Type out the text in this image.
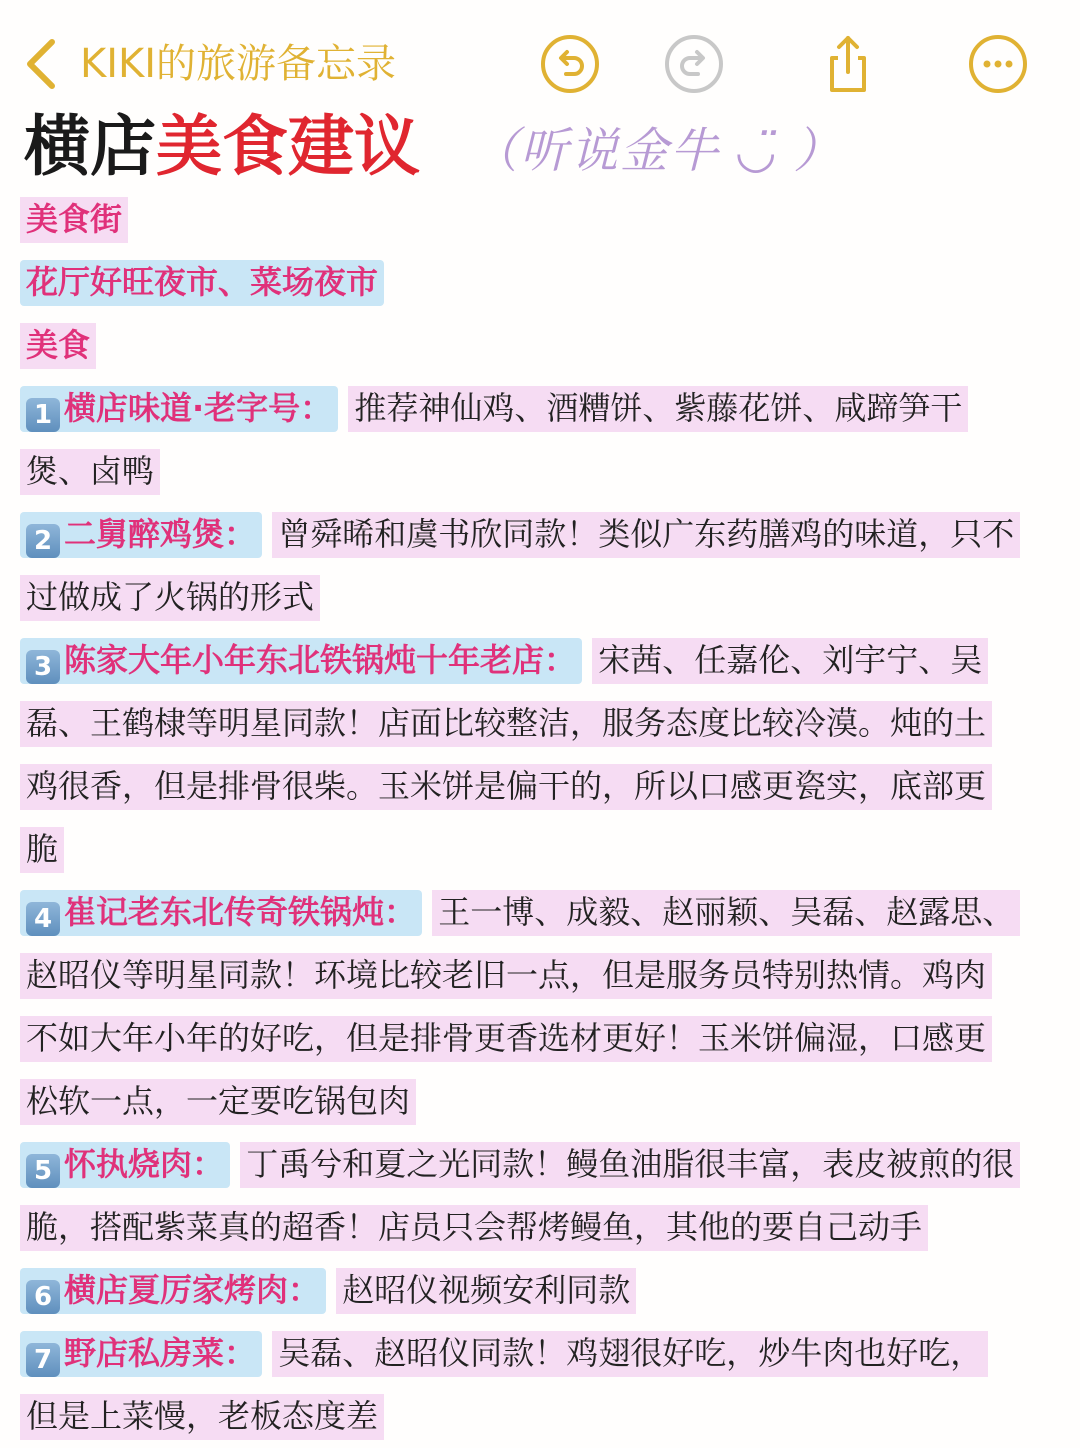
KIKI的旅游备忘录
横店美食建议 （听说金牛 ◡̈ ）
美食街
花厅好旺夜市、菜场夜市
美食
1 横店味道·老字号： 推荐神仙鸡、酒糟饼、紫藤花饼、咸蹄笋干
煲、卤鸭
2 二舅醉鸡煲： 曾舜晞和虞书欣同款！类似广东药膳鸡的味道，只不
过做成了火锅的形式
3 陈家大年小年东北铁锅炖十年老店： 宋茜、任嘉伦、刘宇宁、吴
磊、王鹤棣等明星同款！店面比较整洁，服务态度比较冷漠。炖的土
鸡很香，但是排骨很柴。玉米饼是偏干的，所以口感更瓷实，底部更
脆
4 崔记老东北传奇铁锅炖： 王一博、成毅、赵丽颖、吴磊、赵露思、
赵昭仪等明星同款！环境比较老旧一点，但是服务员特别热情。鸡肉
不如大年小年的好吃，但是排骨更香选材更好！玉米饼偏湿，口感更
松软一点，一定要吃锅包肉
5 怀执烧肉： 丁禹兮和夏之光同款！鳗鱼油脂很丰富，表皮被煎的很
脆，搭配紫菜真的超香！店员只会帮烤鳗鱼，其他的要自己动手
6 横店夏厉家烤肉： 赵昭仪视频安利同款
7 野店私房菜： 吴磊、赵昭仪同款！鸡翅很好吃，炒牛肉也好吃，
但是上菜慢，老板态度差
